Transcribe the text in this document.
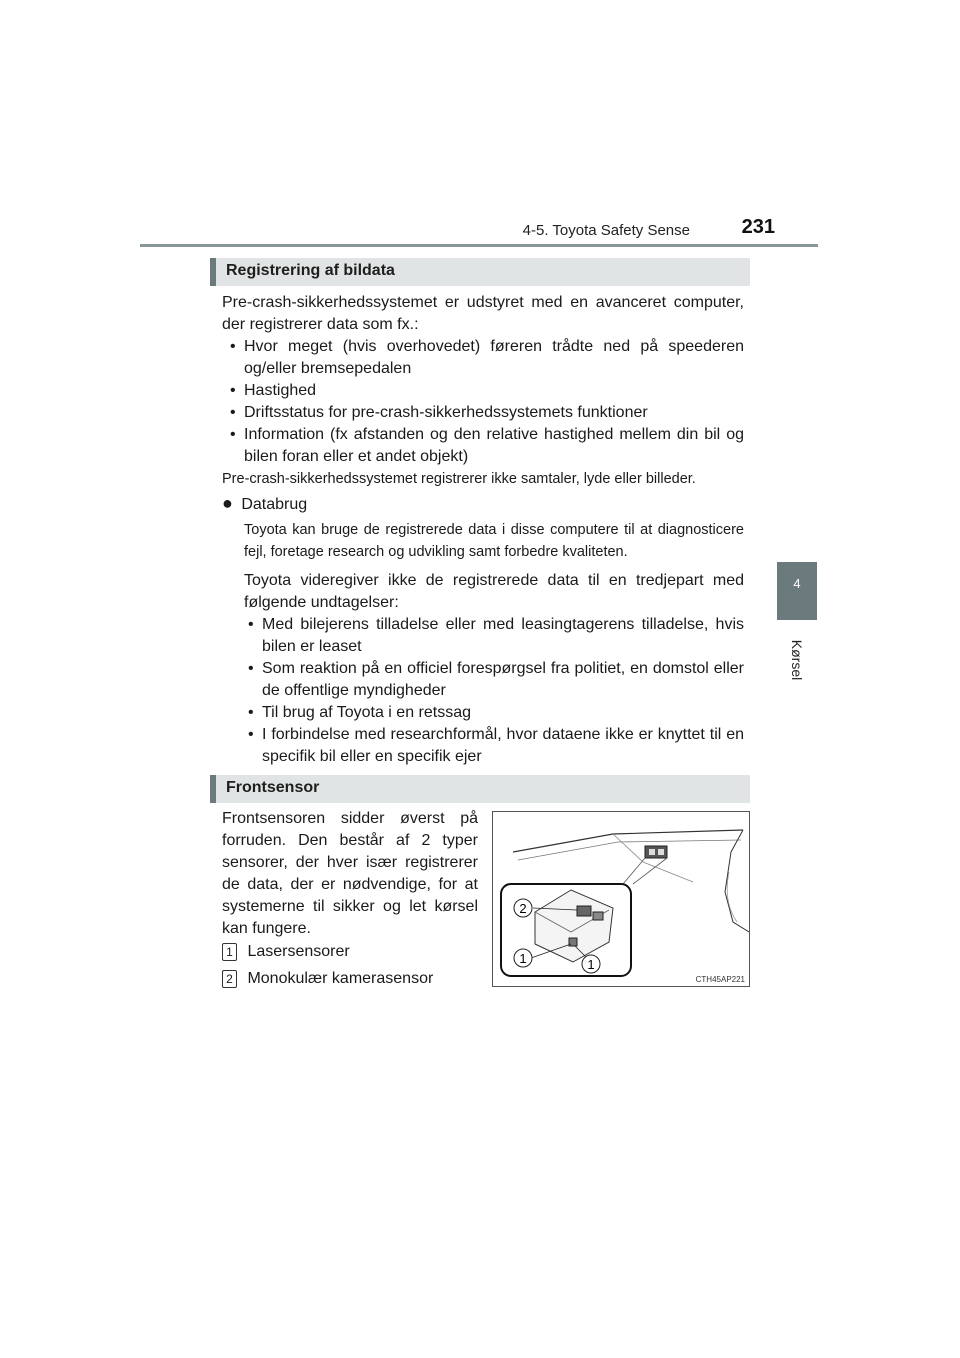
4-5. Toyota Safety Sense	231
4
Kørsel
Registrering af bildata
Pre-crash-sikkerhedssystemet er udstyret med en avanceret computer, der registrerer data som fx.:
• Hvor meget (hvis overhovedet) føreren trådte ned på speederen og/eller bremsepedalen
• Hastighed
• Driftsstatus for pre-crash-sikkerhedssystemets funktioner
• Information (fx afstanden og den relative hastighed mellem din bil og bilen foran eller et andet objekt)
Pre-crash-sikkerhedssystemet registrerer ikke samtaler, lyde eller billeder.
● Databrug
Toyota kan bruge de registrerede data i disse computere til at diagnosticere fejl, foretage research og udvikling samt forbedre kvaliteten.
Toyota videregiver ikke de registrerede data til en tredjepart med følgende undtagelser:
• Med bilejerens tilladelse eller med leasingtagerens tilladelse, hvis bilen er leaset
• Som reaktion på en officiel forespørgsel fra politiet, en domstol eller de offentlige myndigheder
• Til brug af Toyota i en retssag
• I forbindelse med researchformål, hvor dataene ikke er knyttet til en specifik bil eller en specifik ejer
Frontsensor
Frontsensoren sidder øverst på forruden. Den består af 2 typer sensorer, der hver især registrerer de data, der er nødvendige, for at systemerne til sikker og let kørsel kan fungere.
1 Lasersensorer
2 Monokulær kamerasensor
2
1	1
CTH45AP221
